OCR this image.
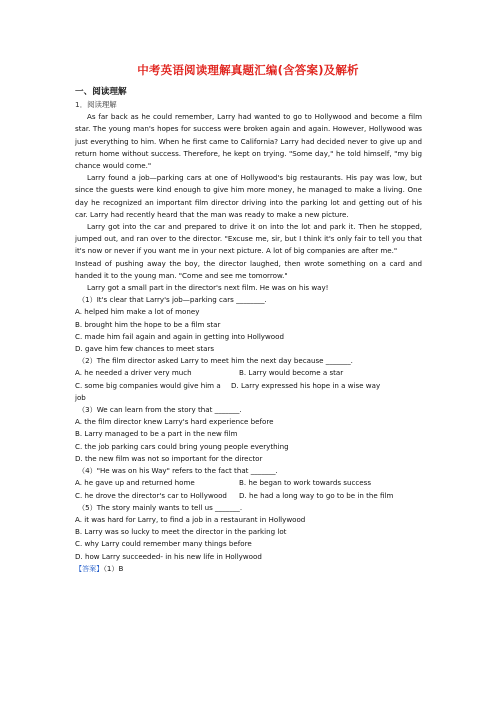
中考英语阅读理解真题汇编(含答案)及解析

一、阅读理解

1．阅读理解

As far back as he could remember, Larry had wanted to go to Hollywood and become a film star. The young man's hopes for success were broken again and again. However, Hollywood was just everything to him. When he first came to California? Larry had decided never to give up and return home without success. Therefore, he kept on trying. "Some day," he told himself, "my big chance would come."

Larry found a job—parking cars at one of Hollywood's big restaurants. His pay was low, but since the guests were kind enough to give him more money, he managed to make a living. One day he recognized an important film director driving into the parking lot and getting out of his car. Larry had recently heard that the man was ready to make a new picture.

Larry got into the car and prepared to drive it on into the lot and park it. Then he stopped, jumped out, and ran over to the director. "Excuse me, sir, but I think it's only fair to tell you that it's now or never if you want me in your next picture. A lot of big companies are after me."

Instead of pushing away the boy, the director laughed, then wrote something on a card and handed it to the young man. "Come and see me tomorrow."

Larry got a small part in the director's next film. He was on his way!

（1）It's clear that Larry's job—parking cars ________.

A. helped him make a lot of money

B. brought him the hope to be a film star

C. made him fail again and again in getting into Hollywood

D. gave him few chances to meet stars

（2）The film director asked Larry to meet him the next day because _______.

A. he needed a driver very much	B. Larry would become a star
C. some big companies would give him a job
D. Larry expressed his hope in a wise way

（3）We can learn from the story that _______.

A. the film director knew Larry's hard experience before

B. Larry managed to be a part in the new film

C. the job parking cars could bring young people everything

D. the new film was not so important for the director

（4）"He was on his Way" refers to the fact that _______.

A. he gave up and returned home	B. he began to work towards success
C. he drove the director's car to Hollywood	D. he had a long way to go to be in the film

（5）The story mainly wants to tell us _______.

A. it was hard for Larry, to find a job in a restaurant in Hollywood

B. Larry was so lucky to meet the director in the parking lot

C. why Larry could remember many things before

D. how Larry succeeded- in his new life in Hollywood

【答案】（1）B
